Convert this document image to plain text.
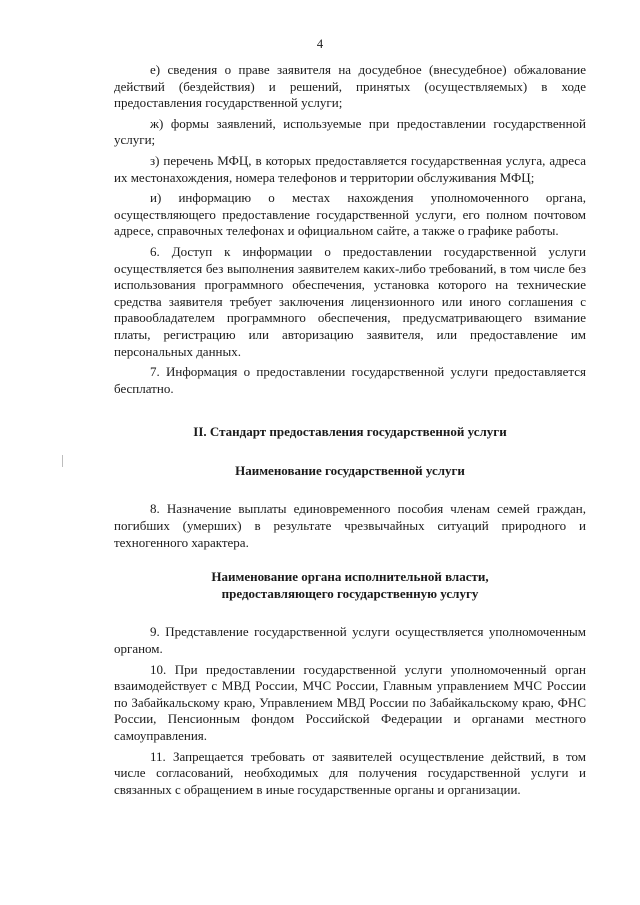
4

е) сведения о праве заявителя на досудебное (внесудебное) обжалование действий (бездействия) и решений, принятых (осуществляемых) в ходе предоставления государственной услуги;

ж) формы заявлений, используемые при предоставлении государственной услуги;

з) перечень МФЦ, в которых предоставляется государственная услуга, адреса их местонахождения, номера телефонов и территории обслуживания МФЦ;

и) информацию о местах нахождения уполномоченного органа, осуществляющего предоставление государственной услуги, его полном почтовом адресе, справочных телефонах и официальном сайте, а также о графике работы.

6. Доступ к информации о предоставлении государственной услуги осуществляется без выполнения заявителем каких-либо требований, в том числе без использования программного обеспечения, установка которого на технические средства заявителя требует заключения лицензионного или иного соглашения с правообладателем программного обеспечения, предусматривающего взимание платы, регистрацию или авторизацию заявителя, или предоставление им персональных данных.

7. Информация о предоставлении государственной услуги предоставляется бесплатно.

II. Стандарт предоставления государственной услуги
Наименование государственной услуги

8. Назначение выплаты единовременного пособия членам семей граждан, погибших (умерших) в результате чрезвычайных ситуаций природного и техногенного характера.

Наименование органа исполнительной власти,
предоставляющего государственную услугу

9. Представление государственной услуги осуществляется уполномоченным органом.

10. При предоставлении государственной услуги уполномоченный орган взаимодействует с МВД России, МЧС России, Главным управлением МЧС России по Забайкальскому краю, Управлением МВД России по Забайкальскому краю, ФНС России, Пенсионным фондом Российской Федерации и органами местного самоуправления.

11. Запрещается требовать от заявителей осуществление действий, в том числе согласований, необходимых для получения государственной услуги и связанных с обращением в иные государственные органы и организации.
